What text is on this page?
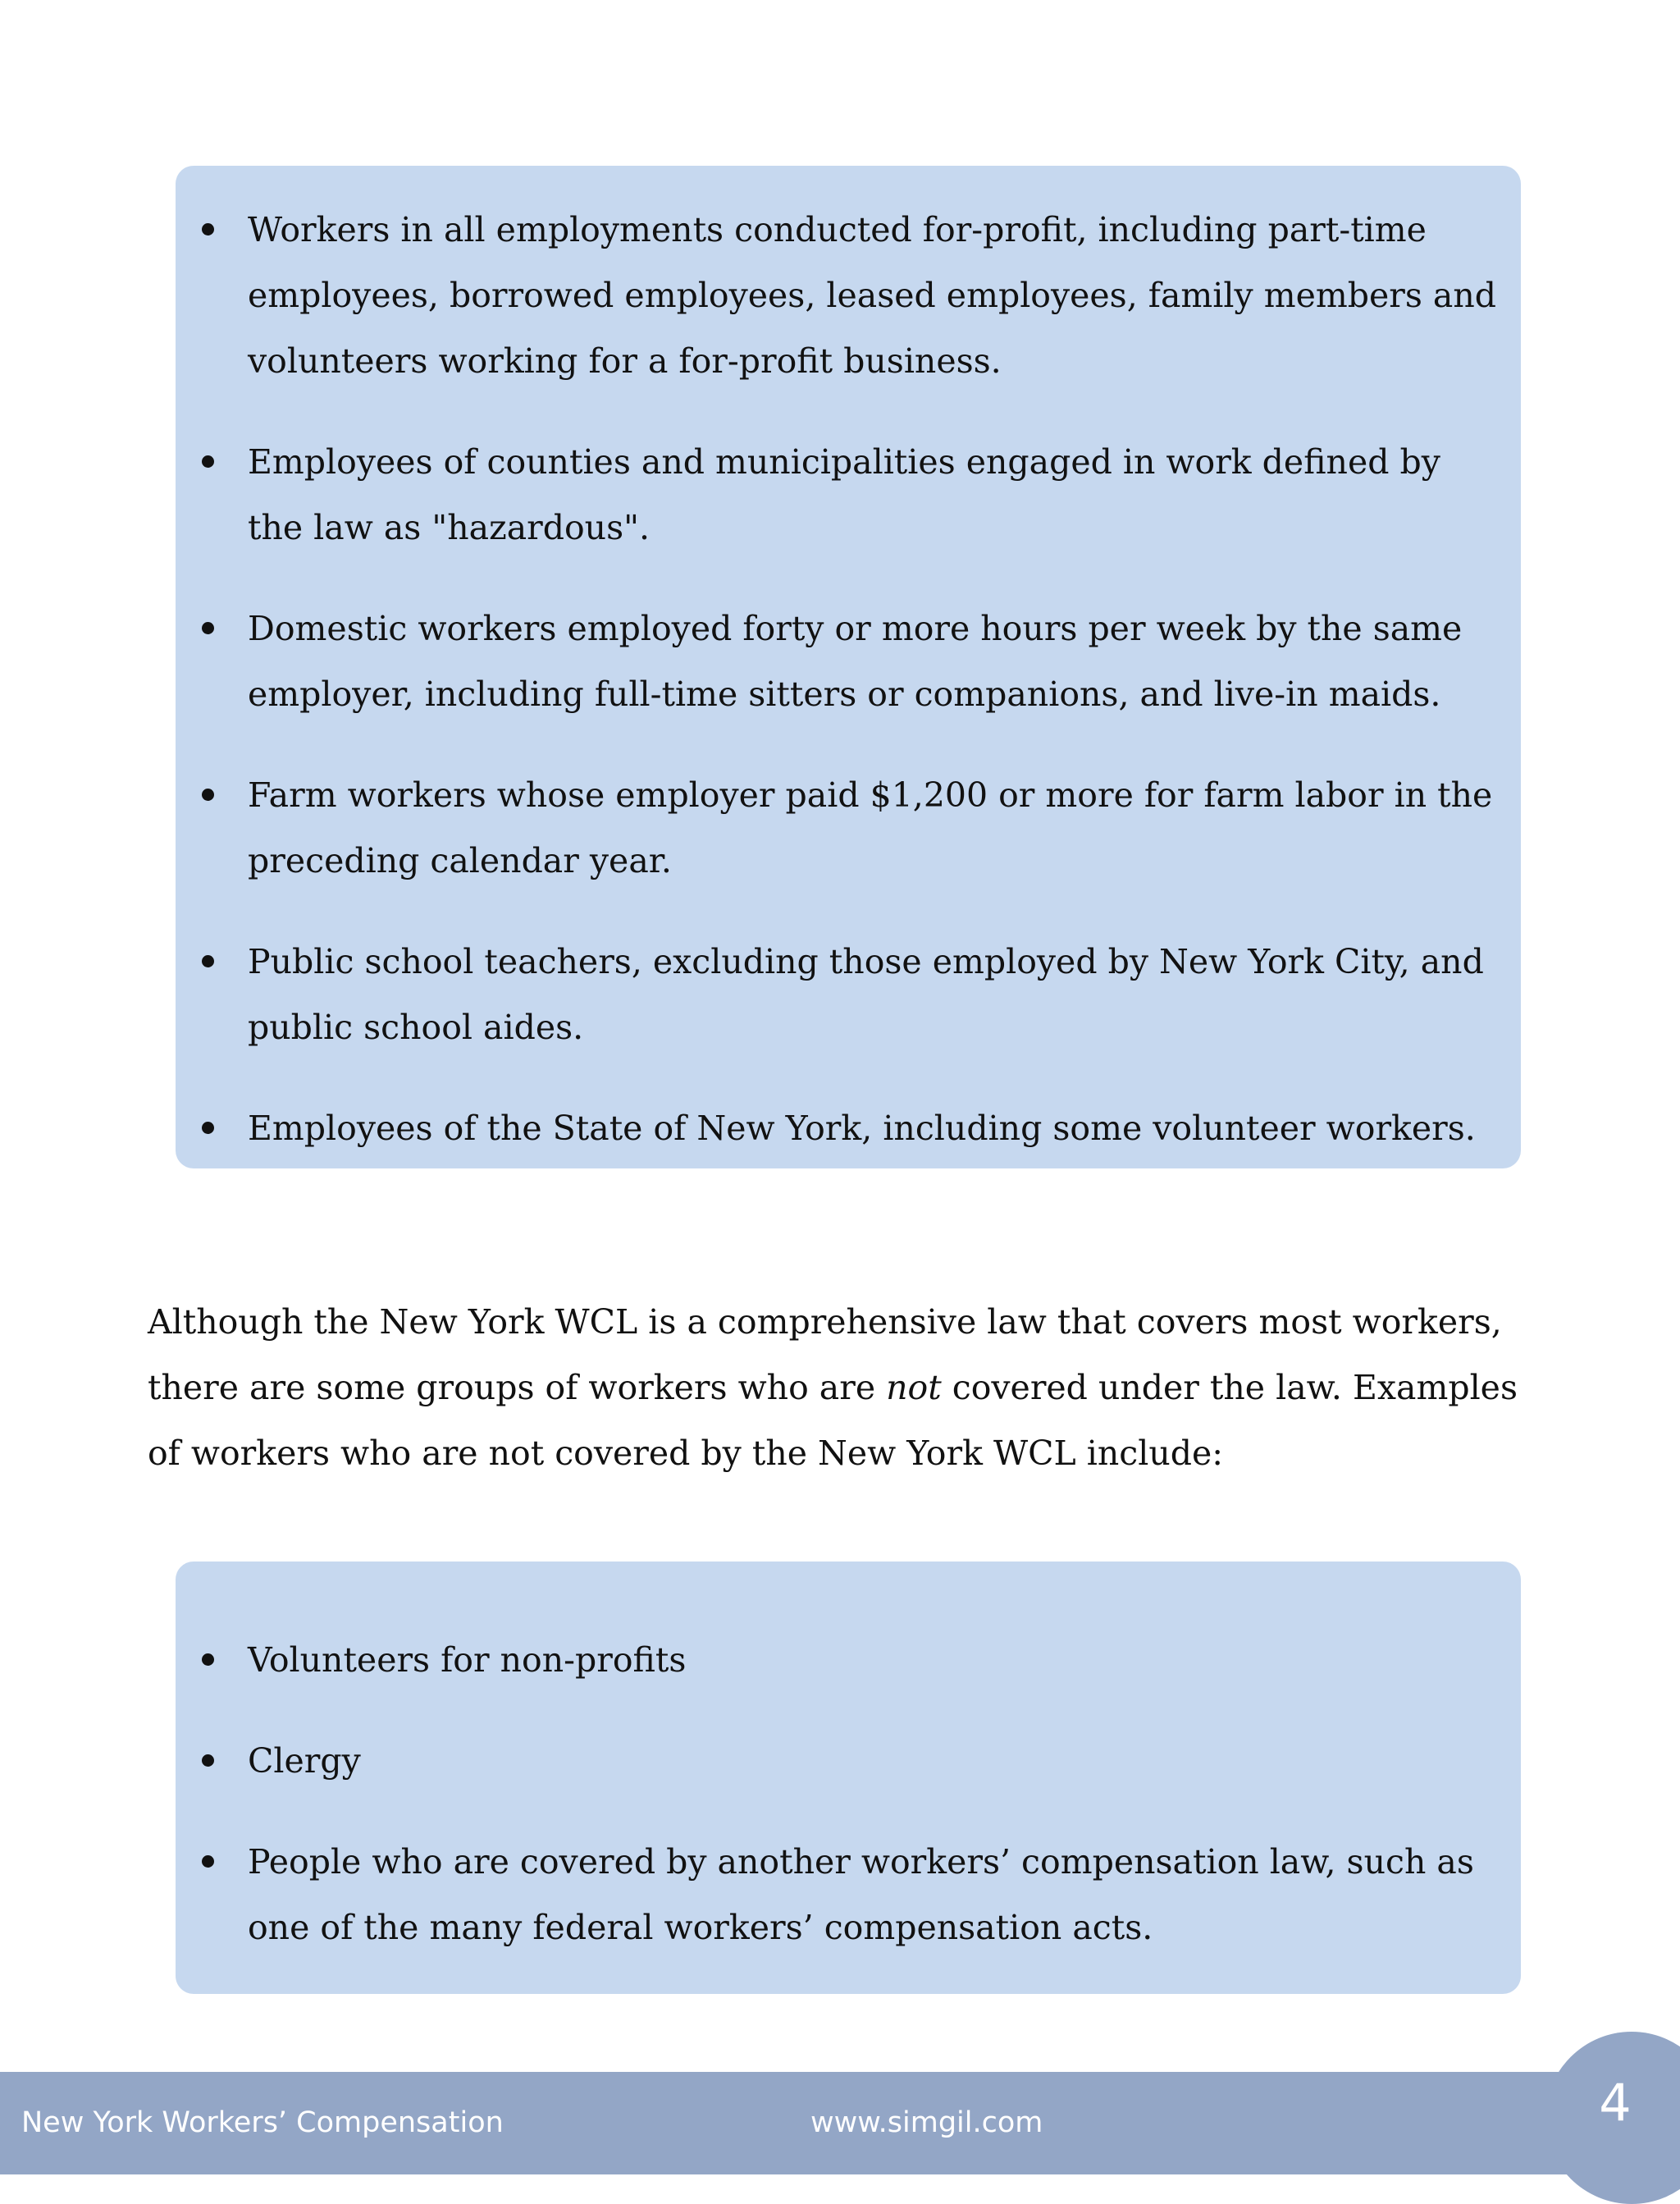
Workers in all employments conducted for-profit, including part-time employees, borrowed employees, leased employees, family members and volunteers working for a for-profit business.
Employees of counties and municipalities engaged in work defined by the law as "hazardous".
Domestic workers employed forty or more hours per week by the same employer, including full-time sitters or companions, and live-in maids.
Farm workers whose employer paid $1,200 or more for farm labor in the preceding calendar year.
Public school teachers, excluding those employed by New York City, and public school aides.
Employees of the State of New York, including some volunteer workers.

Although the New York WCL is a comprehensive law that covers most workers, there are some groups of workers who are not covered under the law. Examples of workers who are not covered by the New York WCL include:

Volunteers for non-profits
Clergy
People who are covered by another workers’ compensation law, such as one of the many federal workers’ compensation acts.
New York Workers’ Compensation	www.simgil.com	4
